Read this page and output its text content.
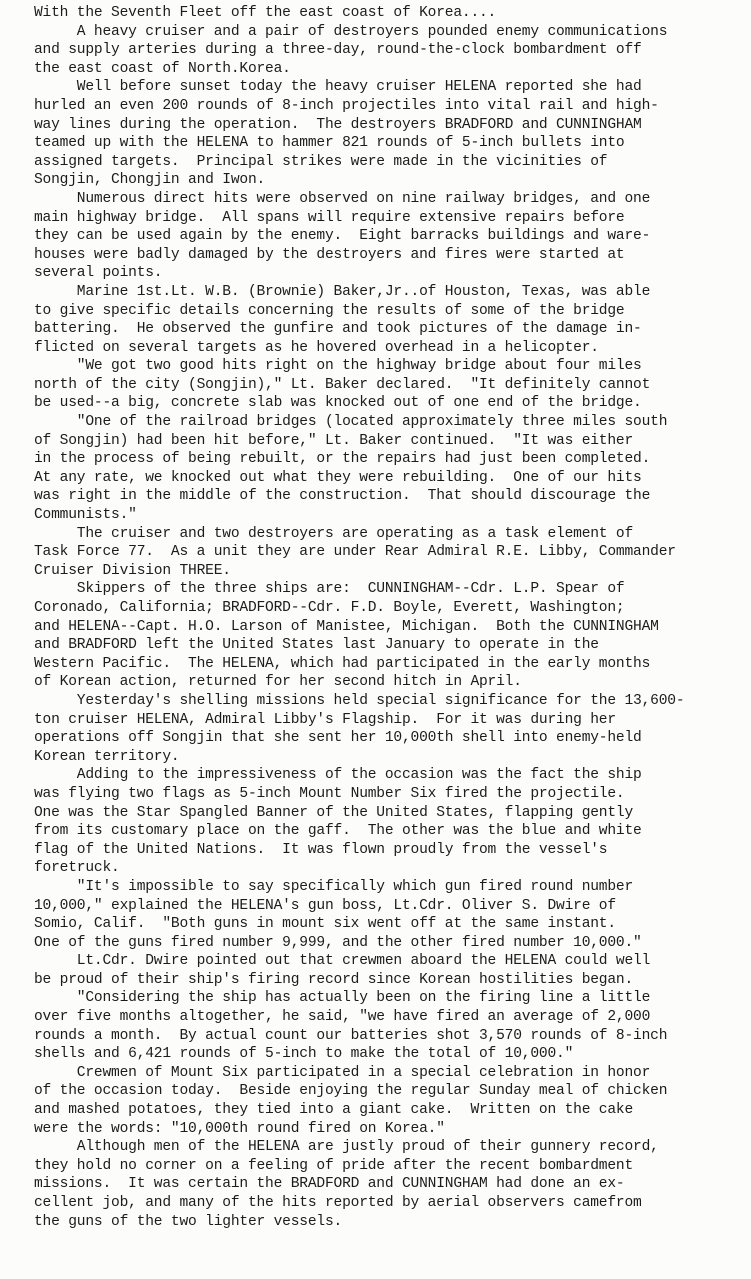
With the Seventh Fleet off the east coast of Korea....
A heavy cruiser and a pair of destroyers pounded enemy communications
and supply arteries during a three-day, round-the-clock bombardment off
the east coast of North.Korea.
Well before sunset today the heavy cruiser HELENA reported she had
hurled an even 200 rounds of 8-inch projectiles into vital rail and high-
way lines during the operation.  The destroyers BRADFORD and CUNNINGHAM
teamed up with the HELENA to hammer 821 rounds of 5-inch bullets into
assigned targets.  Principal strikes were made in the vicinities of
Songjin, Chongjin and Iwon.
Numerous direct hits were observed on nine railway bridges, and one
main highway bridge.  All spans will require extensive repairs before
they can be used again by the enemy.  Eight barracks buildings and ware-
houses were badly damaged by the destroyers and fires were started at
several points.
Marine 1st.Lt. W.B. (Brownie) Baker,Jr..of Houston, Texas, was able
to give specific details concerning the results of some of the bridge
battering.  He observed the gunfire and took pictures of the damage in-
flicted on several targets as he hovered overhead in a helicopter.
"We got two good hits right on the highway bridge about four miles
north of the city (Songjin)," Lt. Baker declared.  "It definitely cannot
be used--a big, concrete slab was knocked out of one end of the bridge.
"One of the railroad bridges (located approximately three miles south
of Songjin) had been hit before," Lt. Baker continued.  "It was either
in the process of being rebuilt, or the repairs had just been completed.
At any rate, we knocked out what they were rebuilding.  One of our hits
was right in the middle of the construction.  That should discourage the
Communists."
The cruiser and two destroyers are operating as a task element of
Task Force 77.  As a unit they are under Rear Admiral R.E. Libby, Commander
Cruiser Division THREE.
Skippers of the three ships are:  CUNNINGHAM--Cdr. L.P. Spear of
Coronado, California; BRADFORD--Cdr. F.D. Boyle, Everett, Washington;
and HELENA--Capt. H.O. Larson of Manistee, Michigan.  Both the CUNNINGHAM
and BRADFORD left the United States last January to operate in the
Western Pacific.  The HELENA, which had participated in the early months
of Korean action, returned for her second hitch in April.
Yesterday's shelling missions held special significance for the 13,600-
ton cruiser HELENA, Admiral Libby's Flagship.  For it was during her
operations off Songjin that she sent her 10,000th shell into enemy-held
Korean territory.
Adding to the impressiveness of the occasion was the fact the ship
was flying two flags as 5-inch Mount Number Six fired the projectile.
One was the Star Spangled Banner of the United States, flapping gently
from its customary place on the gaff.  The other was the blue and white
flag of the United Nations.  It was flown proudly from the vessel's
foretruck.
"It's impossible to say specifically which gun fired round number
10,000," explained the HELENA's gun boss, Lt.Cdr. Oliver S. Dwire of
Somio, Calif.  "Both guns in mount six went off at the same instant.
One of the guns fired number 9,999, and the other fired number 10,000."
Lt.Cdr. Dwire pointed out that crewmen aboard the HELENA could well
be proud of their ship's firing record since Korean hostilities began.
"Considering the ship has actually been on the firing line a little
over five months altogether, he said, "we have fired an average of 2,000
rounds a month.  By actual count our batteries shot 3,570 rounds of 8-inch
shells and 6,421 rounds of 5-inch to make the total of 10,000."
Crewmen of Mount Six participated in a special celebration in honor
of the occasion today.  Beside enjoying the regular Sunday meal of chicken
and mashed potatoes, they tied into a giant cake.  Written on the cake
were the words: "10,000th round fired on Korea."
Although men of the HELENA are justly proud of their gunnery record,
they hold no corner on a feeling of pride after the recent bombardment
missions.  It was certain the BRADFORD and CUNNINGHAM had done an ex-
cellent job, and many of the hits reported by aerial observers camefrom
the guns of the two lighter vessels.
